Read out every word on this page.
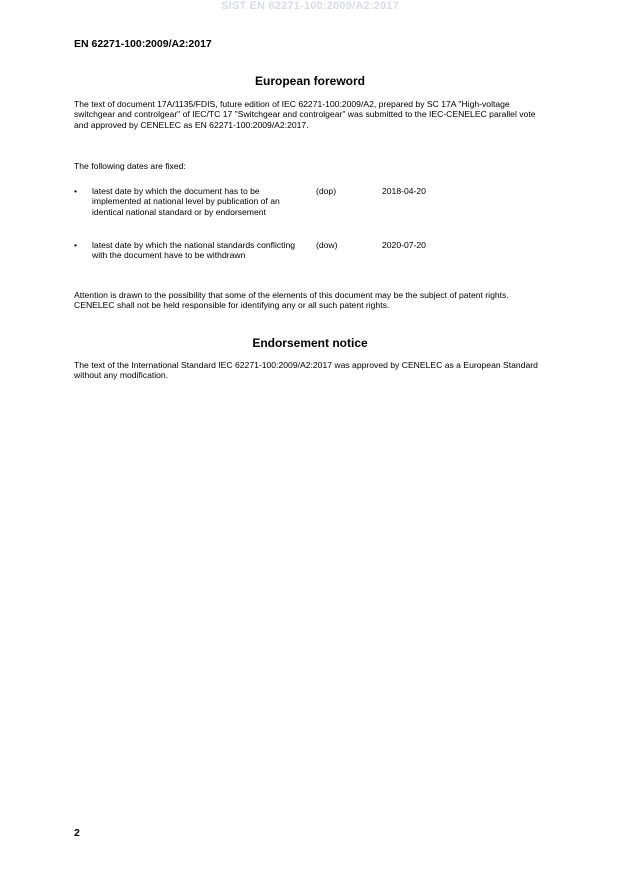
SIST EN 62271-100:2009/A2:2017
EN 62271-100:2009/A2:2017
European foreword
The text of document 17A/1135/FDIS, future edition of IEC 62271-100:2009/A2, prepared by SC 17A "High-voltage switchgear and controlgear" of IEC/TC 17 "Switchgear and controlgear" was submitted to the IEC-CENELEC parallel vote and approved by CENELEC as EN 62271-100:2009/A2:2017.
The following dates are fixed:
• latest date by which the document has to be implemented at national level by publication of an identical national standard or by endorsement
(dop)	2018-04-20
• latest date by which the national standards conflicting with the document have to be withdrawn
(dow)	2020-07-20
Attention is drawn to the possibility that some of the elements of this document may be the subject of patent rights. CENELEC shall not be held responsible for identifying any or all such patent rights.
Endorsement notice
The text of the International Standard IEC 62271-100:2009/A2:2017 was approved by CENELEC as a European Standard without any modification.
2
